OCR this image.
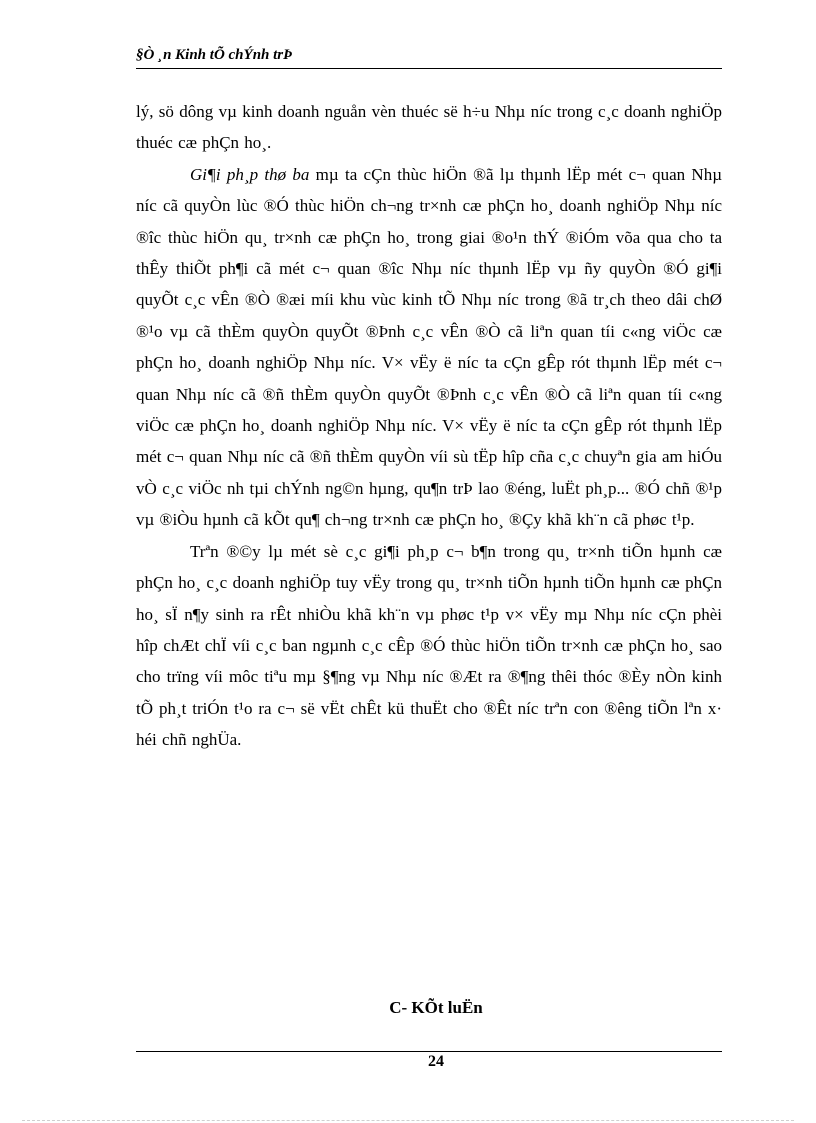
§Ò ¸n Kinh tÕ chÝnh trÞ

lý, sö dông vµ kinh doanh nguån vèn thuéc së h÷u Nhµ níc trong c¸c doanh nghiÖp thuéc cæ phÇn ho¸.

Gi¶i ph¸p thø ba mµ ta cÇn thùc hiÖn ®ã lµ thµnh lËp mét c¬ quan Nhµ níc cã quyÒn lùc ®Ó thùc hiÖn ch¬ng tr×nh cæ phÇn ho¸ doanh nghiÖp Nhµ níc ®îc thùc hiÖn qu¸ tr×nh cæ phÇn ho¸ trong giai ®o¹n thÝ ®iÓm võa qua cho ta thÊy thiÕt ph¶i cã mét c¬ quan ®îc Nhµ níc thµnh lËp vµ ñy quyÒn ®Ó gi¶i quyÕt c¸c vÊn ®Ò ®æi míi khu vùc kinh tÕ Nhµ níc trong ®ã tr¸ch theo dâi chØ ®¹o vµ cã thÈm quyÒn quyÕt ®Þnh c¸c vÊn ®Ò cã liªn quan tíi c«ng viÖc cæ phÇn ho¸ doanh nghiÖp Nhµ níc. V× vËy ë níc ta cÇn gÊp rót thµnh lËp mét c¬ quan Nhµ níc cã ®ñ thÈm quyÒn quyÕt ®Þnh c¸c vÊn ®Ò cã liªn quan tíi c«ng viÖc cæ phÇn ho¸ doanh nghiÖp Nhµ níc. V× vËy ë níc ta cÇn gÊp rót thµnh lËp mét c¬ quan Nhµ níc cã ®ñ thÈm quyÒn víi sù tËp hîp cña c¸c chuyªn gia am hiÓu vÒ c¸c viÖc nh tµi chÝnh ng©n hµng, qu¶n trÞ lao ®éng, luËt ph¸p... ®Ó chñ ®¹p vµ ®iÒu hµnh cã kÕt qu¶ ch¬ng tr×nh cæ phÇn ho¸ ®Çy khã kh¨n cã phøc t¹p.

Trªn ®©y lµ mét sè c¸c gi¶i ph¸p c¬ b¶n trong qu¸ tr×nh tiÕn hµnh cæ phÇn ho¸ c¸c doanh nghiÖp tuy vËy trong qu¸ tr×nh tiÕn hµnh tiÕn hµnh cæ phÇn ho¸ sÏ n¶y sinh ra rÊt nhiÒu khã kh¨n vµ phøc t¹p v× vËy mµ Nhµ níc cÇn phèi hîp chÆt chÏ víi c¸c ban ngµnh c¸c cÊp ®Ó thùc hiÖn tiÕn tr×nh cæ phÇn ho¸ sao cho trïng víi môc tiªu mµ §¶ng vµ Nhµ níc ®Æt ra ®¶ng thêi thóc ®Èy nÒn kinh tÕ ph¸t triÓn t¹o ra c¬ së vËt chÊt kü thuËt cho ®Êt níc trªn con ®êng tiÕn lªn x· héi chñ nghÜa.

C- KÕt luËn
24
